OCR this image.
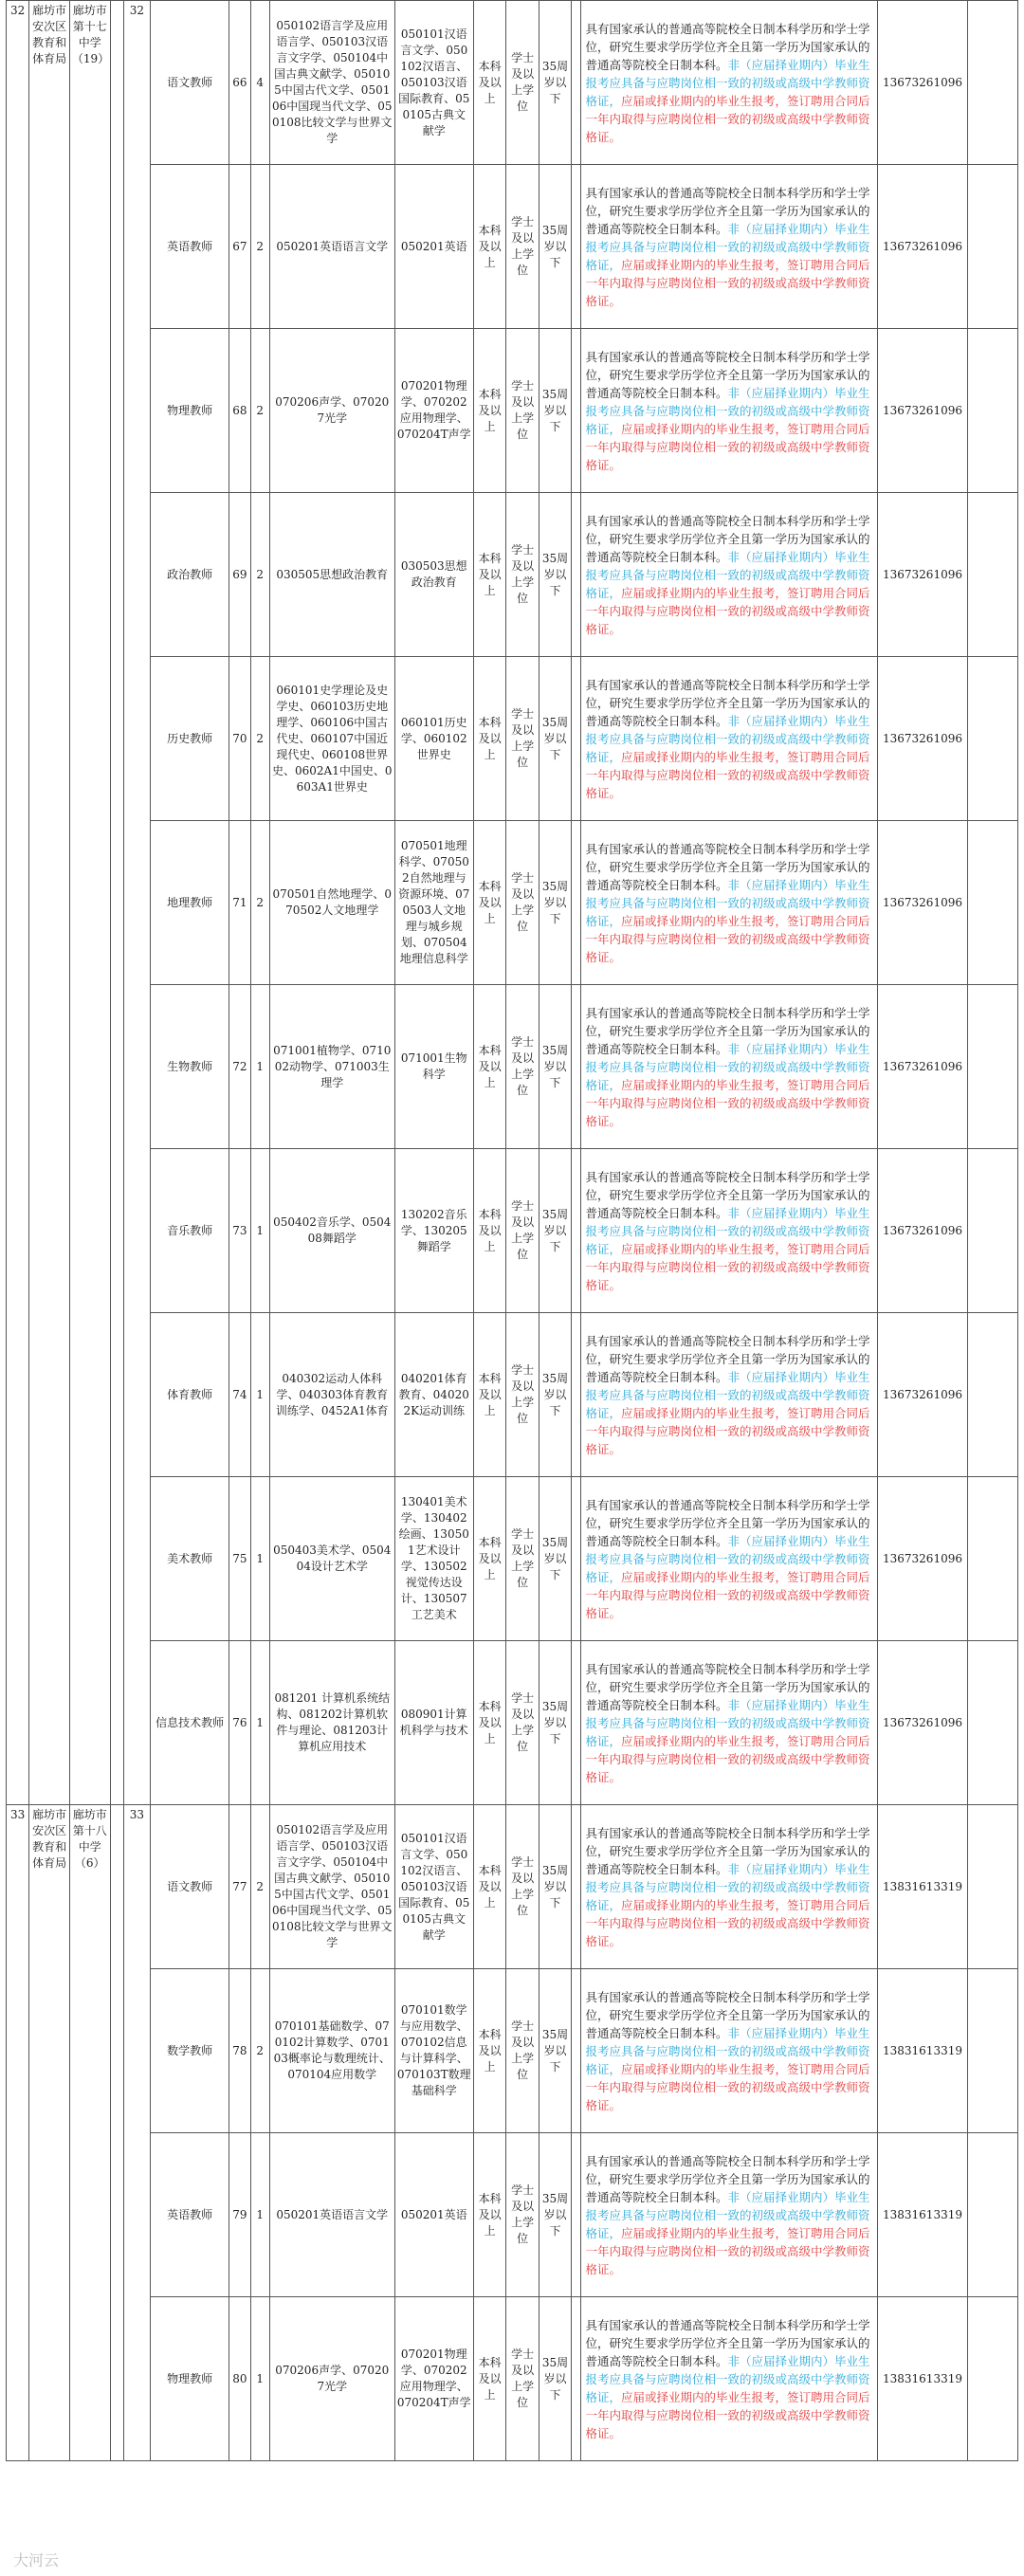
32	廊坊市安次区教育和体育局	廊坊市第十七中学（19）		32	语文教师	66	4	050102语言学及应用语言学、050103汉语言文字学、050104中国古典文献学、050105中国古代文学、050106中国现当代文学、050108比较文学与世界文学	050101汉语言文学、050102汉语言、050103汉语国际教育、050105古典文献学	本科及以上	学士及以上学位	35周岁以下		具有国家承认的普通高等院校全日制本科学历和学士学位，研究生要求学历学位齐全且第一学历为国家承认的普通高等院校全日制本科。非（应届择业期内）毕业生报考应具备与应聘岗位相一致的初级或高级中学教师资格证，应届或择业期内的毕业生报考，签订聘用合同后一年内取得与应聘岗位相一致的初级或高级中学教师资格证。	13673261096	
					英语教师	67	2	050201英语语言文学	050201英语	本科及以上	学士及以上学位	35周岁以下		具有国家承认的普通高等院校全日制本科学历和学士学位，研究生要求学历学位齐全且第一学历为国家承认的普通高等院校全日制本科。非（应届择业期内）毕业生报考应具备与应聘岗位相一致的初级或高级中学教师资格证，应届或择业期内的毕业生报考，签订聘用合同后一年内取得与应聘岗位相一致的初级或高级中学教师资格证。	13673261096	
					物理教师	68	2	070206声学、070207光学	070201物理学、070202应用物理学、070204T声学	本科及以上	学士及以上学位	35周岁以下		具有国家承认的普通高等院校全日制本科学历和学士学位，研究生要求学历学位齐全且第一学历为国家承认的普通高等院校全日制本科。非（应届择业期内）毕业生报考应具备与应聘岗位相一致的初级或高级中学教师资格证，应届或择业期内的毕业生报考，签订聘用合同后一年内取得与应聘岗位相一致的初级或高级中学教师资格证。	13673261096	
					政治教师	69	2	030505思想政治教育	030503思想政治教育	本科及以上	学士及以上学位	35周岁以下		具有国家承认的普通高等院校全日制本科学历和学士学位，研究生要求学历学位齐全且第一学历为国家承认的普通高等院校全日制本科。非（应届择业期内）毕业生报考应具备与应聘岗位相一致的初级或高级中学教师资格证，应届或择业期内的毕业生报考，签订聘用合同后一年内取得与应聘岗位相一致的初级或高级中学教师资格证。	13673261096	
					历史教师	70	2	060101史学理论及史学史、060103历史地理学、060106中国古代史、060107中国近现代史、060108世界史、0602A1中国史、0603A1世界史	060101历史学、060102世界史	本科及以上	学士及以上学位	35周岁以下		具有国家承认的普通高等院校全日制本科学历和学士学位，研究生要求学历学位齐全且第一学历为国家承认的普通高等院校全日制本科。非（应届择业期内）毕业生报考应具备与应聘岗位相一致的初级或高级中学教师资格证，应届或择业期内的毕业生报考，签订聘用合同后一年内取得与应聘岗位相一致的初级或高级中学教师资格证。	13673261096	
					地理教师	71	2	070501自然地理学、070502人文地理学	070501地理科学、070502自然地理与资源环境、070503人文地理与城乡规划、070504地理信息科学	本科及以上	学士及以上学位	35周岁以下		具有国家承认的普通高等院校全日制本科学历和学士学位，研究生要求学历学位齐全且第一学历为国家承认的普通高等院校全日制本科。非（应届择业期内）毕业生报考应具备与应聘岗位相一致的初级或高级中学教师资格证，应届或择业期内的毕业生报考，签订聘用合同后一年内取得与应聘岗位相一致的初级或高级中学教师资格证。	13673261096	
					生物教师	72	1	071001植物学、071002动物学、071003生理学	071001生物科学	本科及以上	学士及以上学位	35周岁以下		具有国家承认的普通高等院校全日制本科学历和学士学位，研究生要求学历学位齐全且第一学历为国家承认的普通高等院校全日制本科。非（应届择业期内）毕业生报考应具备与应聘岗位相一致的初级或高级中学教师资格证，应届或择业期内的毕业生报考，签订聘用合同后一年内取得与应聘岗位相一致的初级或高级中学教师资格证。	13673261096	
					音乐教师	73	1	050402音乐学、050408舞蹈学	130202音乐学、130205舞蹈学	本科及以上	学士及以上学位	35周岁以下		具有国家承认的普通高等院校全日制本科学历和学士学位，研究生要求学历学位齐全且第一学历为国家承认的普通高等院校全日制本科。非（应届择业期内）毕业生报考应具备与应聘岗位相一致的初级或高级中学教师资格证，应届或择业期内的毕业生报考，签订聘用合同后一年内取得与应聘岗位相一致的初级或高级中学教师资格证。	13673261096	
					体育教师	74	1	040302运动人体科学、040303体育教育训练学、0452A1体育	040201体育教育、040202K运动训练	本科及以上	学士及以上学位	35周岁以下		具有国家承认的普通高等院校全日制本科学历和学士学位，研究生要求学历学位齐全且第一学历为国家承认的普通高等院校全日制本科。非（应届择业期内）毕业生报考应具备与应聘岗位相一致的初级或高级中学教师资格证，应届或择业期内的毕业生报考，签订聘用合同后一年内取得与应聘岗位相一致的初级或高级中学教师资格证。	13673261096	
					美术教师	75	1	050403美术学、050404设计艺术学	130401美术学、130402绘画、130501艺术设计学、130502视觉传达设计、130507工艺美术	本科及以上	学士及以上学位	35周岁以下		具有国家承认的普通高等院校全日制本科学历和学士学位，研究生要求学历学位齐全且第一学历为国家承认的普通高等院校全日制本科。非（应届择业期内）毕业生报考应具备与应聘岗位相一致的初级或高级中学教师资格证，应届或择业期内的毕业生报考，签订聘用合同后一年内取得与应聘岗位相一致的初级或高级中学教师资格证。	13673261096	
					信息技术教师	76	1	081201 计算机系统结构、081202计算机软件与理论、081203计算机应用技术	080901计算机科学与技术	本科及以上	学士及以上学位	35周岁以下		具有国家承认的普通高等院校全日制本科学历和学士学位，研究生要求学历学位齐全且第一学历为国家承认的普通高等院校全日制本科。非（应届择业期内）毕业生报考应具备与应聘岗位相一致的初级或高级中学教师资格证，应届或择业期内的毕业生报考，签订聘用合同后一年内取得与应聘岗位相一致的初级或高级中学教师资格证。	13673261096	
33	廊坊市安次区教育和体育局	廊坊市第十八中学（6）		33	语文教师	77	2	050102语言学及应用语言学、050103汉语言文字学、050104中国古典文献学、050105中国古代文学、050106中国现当代文学、050108比较文学与世界文学	050101汉语言文学、050102汉语言、050103汉语国际教育、050105古典文献学	本科及以上	学士及以上学位	35周岁以下		具有国家承认的普通高等院校全日制本科学历和学士学位，研究生要求学历学位齐全且第一学历为国家承认的普通高等院校全日制本科。非（应届择业期内）毕业生报考应具备与应聘岗位相一致的初级或高级中学教师资格证，应届或择业期内的毕业生报考，签订聘用合同后一年内取得与应聘岗位相一致的初级或高级中学教师资格证。	13831613319	
					数学教师	78	2	070101基础数学、070102计算数学、070103概率论与数理统计、070104应用数学	070101数学与应用数学、070102信息与计算科学、070103T数理基础科学	本科及以上	学士及以上学位	35周岁以下		具有国家承认的普通高等院校全日制本科学历和学士学位，研究生要求学历学位齐全且第一学历为国家承认的普通高等院校全日制本科。非（应届择业期内）毕业生报考应具备与应聘岗位相一致的初级或高级中学教师资格证，应届或择业期内的毕业生报考，签订聘用合同后一年内取得与应聘岗位相一致的初级或高级中学教师资格证。	13831613319	
					英语教师	79	1	050201英语语言文学	050201英语	本科及以上	学士及以上学位	35周岁以下		具有国家承认的普通高等院校全日制本科学历和学士学位，研究生要求学历学位齐全且第一学历为国家承认的普通高等院校全日制本科。非（应届择业期内）毕业生报考应具备与应聘岗位相一致的初级或高级中学教师资格证，应届或择业期内的毕业生报考，签订聘用合同后一年内取得与应聘岗位相一致的初级或高级中学教师资格证。	13831613319	
					物理教师	80	1	070206声学、070207光学	070201物理学、070202应用物理学、070204T声学	本科及以上	学士及以上学位	35周岁以下		具有国家承认的普通高等院校全日制本科学历和学士学位，研究生要求学历学位齐全且第一学历为国家承认的普通高等院校全日制本科。非（应届择业期内）毕业生报考应具备与应聘岗位相一致的初级或高级中学教师资格证，应届或择业期内的毕业生报考，签订聘用合同后一年内取得与应聘岗位相一致的初级或高级中学教师资格证。	13831613319	
大河云
